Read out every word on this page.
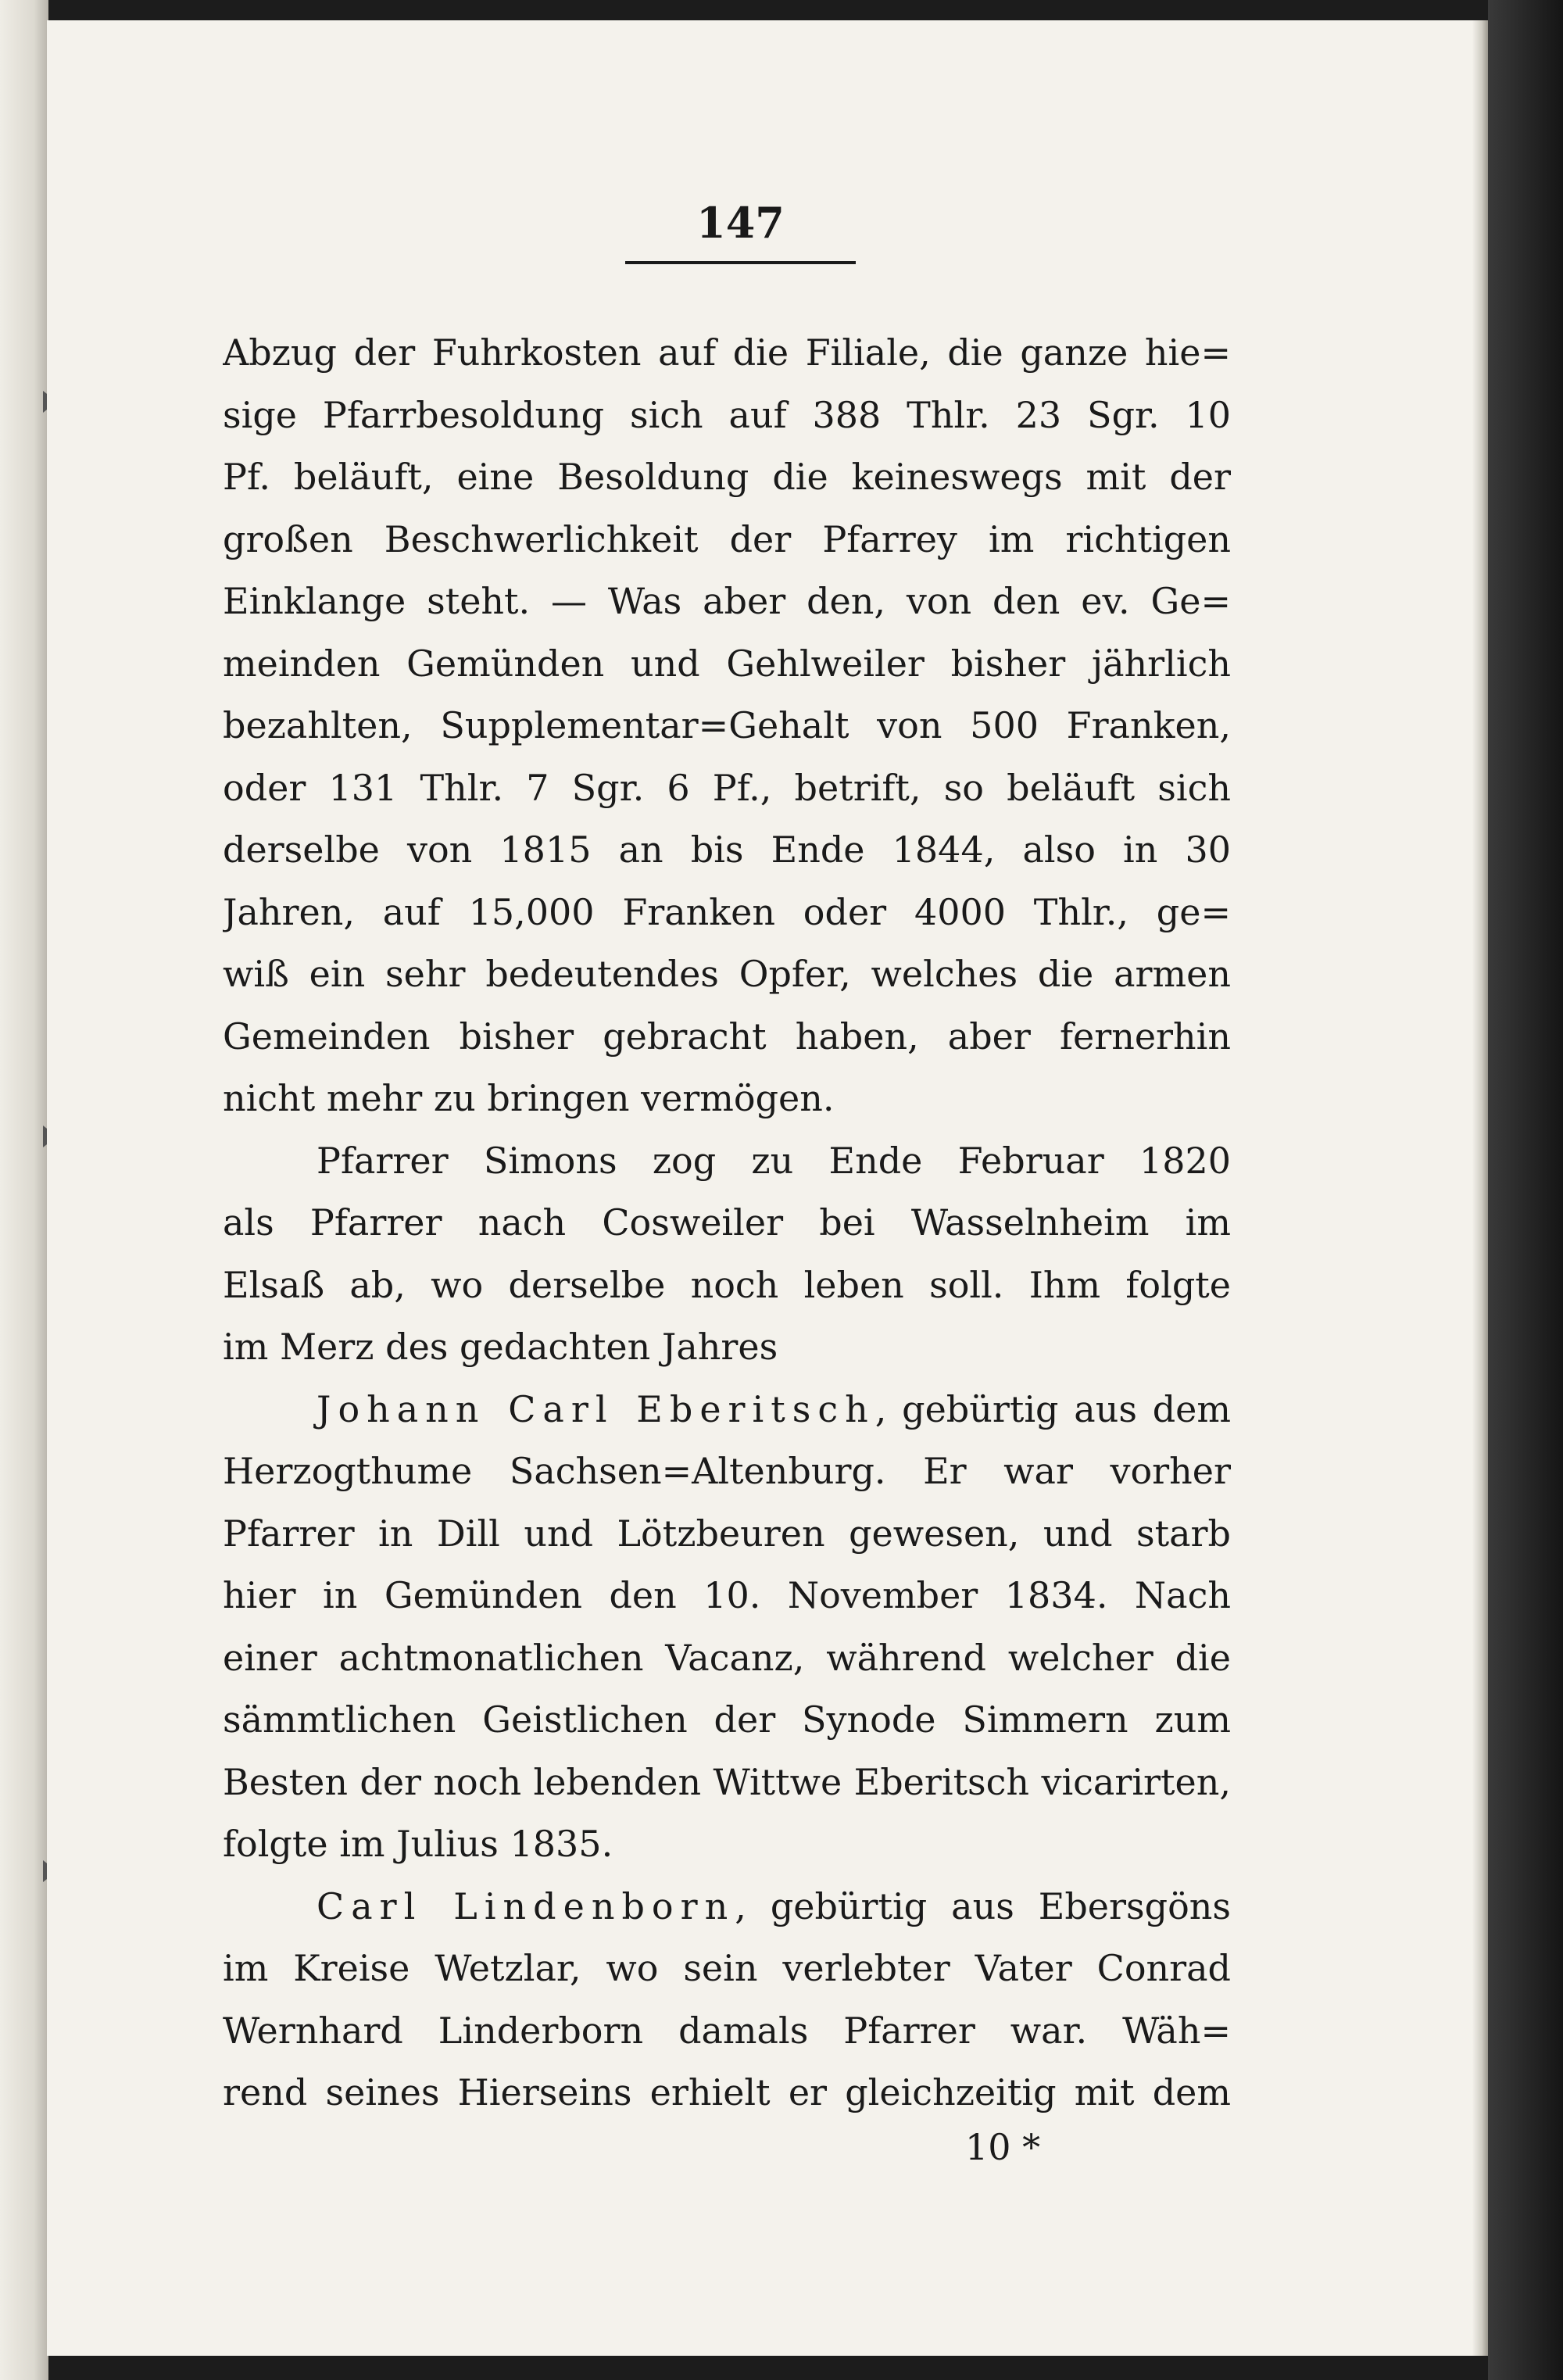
147
Abzug der Fuhrkosten auf die Filiale, die ganze hie=
sige Pfarrbesoldung sich auf 388 Thlr. 23 Sgr. 10
Pf. beläuft, eine Besoldung die keineswegs mit der
großen Beschwerlichkeit der Pfarrey im richtigen
Einklange steht. — Was aber den, von den ev. Ge=
meinden Gemünden und Gehlweiler bisher jährlich
bezahlten, Supplementar=Gehalt von 500 Franken,
oder 131 Thlr. 7 Sgr. 6 Pf., betrift, so beläuft sich
derselbe von 1815 an bis Ende 1844, also in 30
Jahren, auf 15,000 Franken oder 4000 Thlr., ge=
wiß ein sehr bedeutendes Opfer, welches die armen
Gemeinden bisher gebracht haben, aber fernerhin
nicht mehr zu bringen vermögen.
Pfarrer Simons zog zu Ende Februar 1820
als Pfarrer nach Cosweiler bei Wasselnheim im
Elsaß ab, wo derselbe noch leben soll. Ihm folgte
im Merz des gedachten Jahres
Johann Carl Eberitsch, gebürtig aus dem
Herzogthume Sachsen=Altenburg. Er war vorher
Pfarrer in Dill und Lötzbeuren gewesen, und starb
hier in Gemünden den 10. November 1834. Nach
einer achtmonatlichen Vacanz, während welcher die
sämmtlichen Geistlichen der Synode Simmern zum
Besten der noch lebenden Wittwe Eberitsch vicarirten,
folgte im Julius 1835.
Carl Lindenborn, gebürtig aus Ebersgöns
im Kreise Wetzlar, wo sein verlebter Vater Conrad
Wernhard Linderborn damals Pfarrer war. Wäh=
rend seines Hierseins erhielt er gleichzeitig mit dem
10 *
